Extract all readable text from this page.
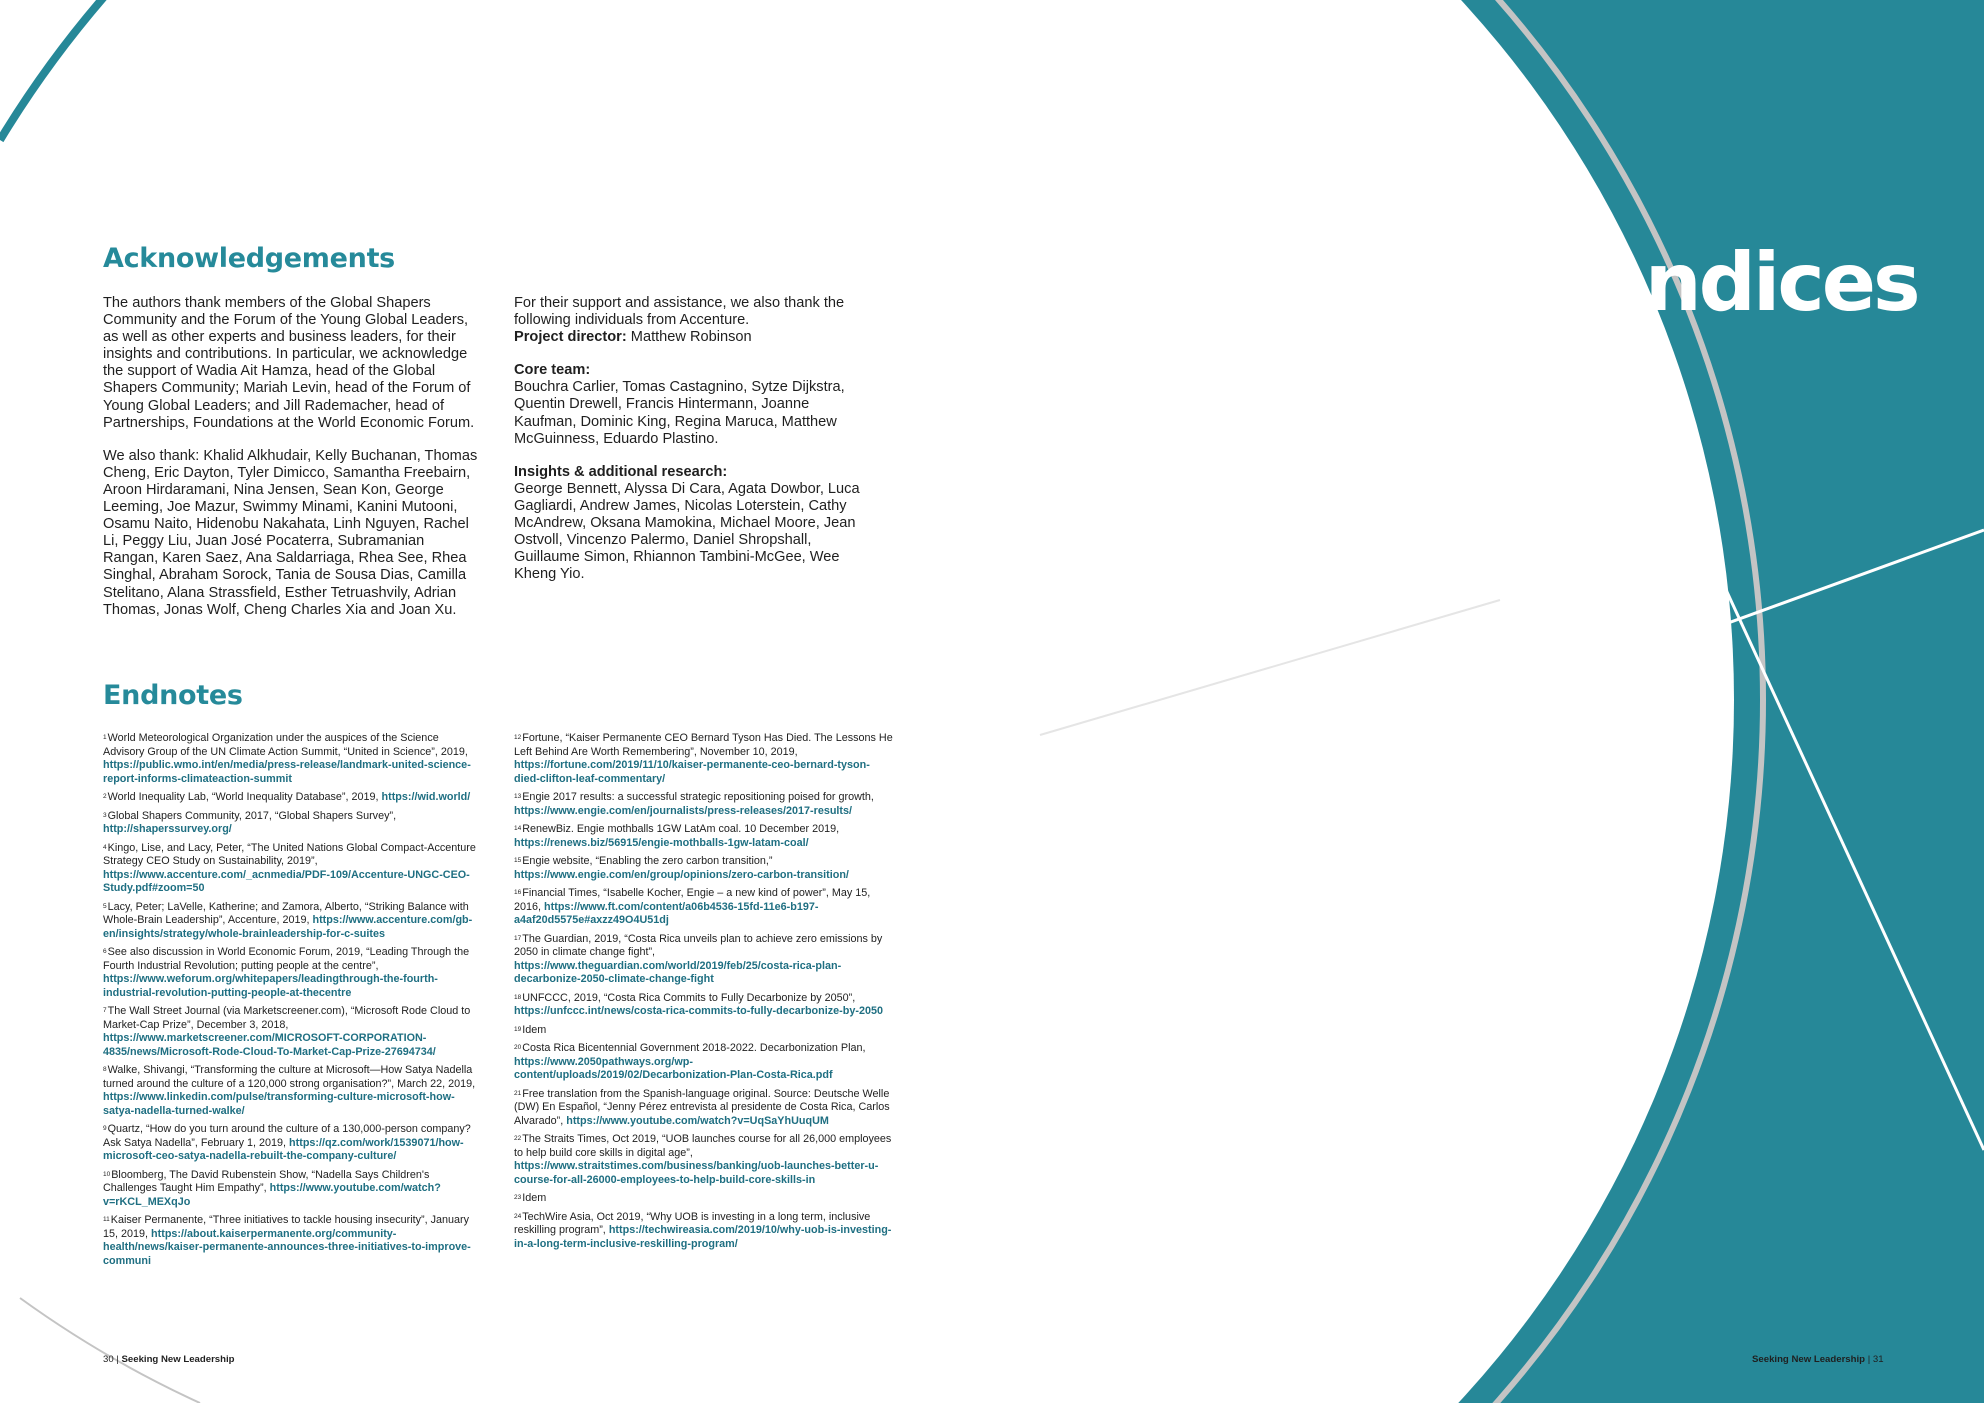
Acknowledgements

The authors thank members of the Global Shapers Community and the Forum of the Young Global Leaders, as well as other experts and business leaders, for their insights and contributions. In particular, we acknowledge the support of Wadia Ait Hamza, head of the Global Shapers Community; Mariah Levin, head of the Forum of Young Global Leaders; and Jill Rademacher, head of Partnerships, Foundations at the World Economic Forum.

We also thank: Khalid Alkhudair, Kelly Buchanan, Thomas Cheng, Eric Dayton, Tyler Dimicco, Samantha Freebairn, Aroon Hirdaramani, Nina Jensen, Sean Kon, George Leeming, Joe Mazur, Swimmy Minami, Kanini Mutooni, Osamu Naito, Hidenobu Nakahata, Linh Nguyen, Rachel Li, Peggy Liu, Juan José Pocaterra, Subramanian Rangan, Karen Saez, Ana Saldarriaga, Rhea See, Rhea Singhal, Abraham Sorock, Tania de Sousa Dias, Camilla Stelitano, Alana Strassfield, Esther Tetruashvily, Adrian Thomas, Jonas Wolf, Cheng Charles Xia and Joan Xu.

For their support and assistance, we also thank the following individuals from Accenture.

Project director: Matthew Robinson

Core team:

Bouchra Carlier, Tomas Castagnino, Sytze Dijkstra, Quentin Drewell, Francis Hintermann, Joanne Kaufman, Dominic King, Regina Maruca, Matthew McGuinness, Eduardo Plastino.

Insights & additional research:

George Bennett, Alyssa Di Cara, Agata Dowbor, Luca Gagliardi, Andrew James, Nicolas Loterstein, Cathy McAndrew, Oksana Mamokina, Michael Moore, Jean Ostvoll, Vincenzo Palermo, Daniel Shropshall, Guillaume Simon, Rhiannon Tambini-McGee, Wee Kheng Yio.

Endnotes

$^1$World Meteorological Organization under the auspices of the Science Advisory Group of the UN Climate Action Summit, “United in Science”, 2019, https://public.wmo.int/en/media/press-release/landmark-united-science-report-informs-climateaction-summit

$^2$World Inequality Lab, “World Inequality Database”, 2019, https://wid.world/

$^3$Global Shapers Community, 2017, “Global Shapers Survey”, http://shaperssurvey.org/

$^4$Kingo, Lise, and Lacy, Peter, “The United Nations Global Compact-Accenture Strategy CEO Study on Sustainability, 2019”, https://www.accenture.com/_acnmedia/PDF-109/Accenture-UNGC-CEO-Study.pdf#zoom=50

$^5$Lacy, Peter; LaVelle, Katherine; and Zamora, Alberto, “Striking Balance with Whole-Brain Leadership”, Accenture, 2019, https://www.accenture.com/gb-en/insights/strategy/whole-brainleadership-for-c-suites

$^6$See also discussion in World Economic Forum, 2019, “Leading Through the Fourth Industrial Revolution; putting people at the centre”, https://www.weforum.org/whitepapers/leadingthrough-the-fourth-industrial-revolution-putting-people-at-thecentre

$^7$The Wall Street Journal (via Marketscreener.com), “Microsoft Rode Cloud to Market-Cap Prize”, December 3, 2018, https://www.marketscreener.com/MICROSOFT-CORPORATION-4835/news/Microsoft-Rode-Cloud-To-Market-Cap-Prize-27694734/

$^8$Walke, Shivangi, “Transforming the culture at Microsoft—How Satya Nadella turned around the culture of a 120,000 strong organisation?”, March 22, 2019, https://www.linkedin.com/pulse/transforming-culture-microsoft-how-satya-nadella-turned-walke/

$^9$Quartz, “How do you turn around the culture of a 130,000-person company? Ask Satya Nadella”, February 1, 2019, https://qz.com/work/1539071/how-microsoft-ceo-satya-nadella-rebuilt-the-company-culture/

$^{10}$Bloomberg, The David Rubenstein Show, “Nadella Says Children's Challenges Taught Him Empathy”, https://www.youtube.com/watch?v=rKCL_MEXqJo

$^{11}$Kaiser Permanente, “Three initiatives to tackle housing insecurity”, January 15, 2019, https://about.kaiserpermanente.org/community-health/news/kaiser-permanente-announces-three-initiatives-to-improve-communi

$^{12}$Fortune, “Kaiser Permanente CEO Bernard Tyson Has Died. The Lessons He Left Behind Are Worth Remembering”, November 10, 2019, https://fortune.com/2019/11/10/kaiser-permanente-ceo-bernard-tyson-died-clifton-leaf-commentary/

$^{13}$Engie 2017 results: a successful strategic repositioning poised for growth, https://www.engie.com/en/journalists/press-releases/2017-results/

$^{14}$RenewBiz. Engie mothballs 1GW LatAm coal. 10 December 2019, https://renews.biz/56915/engie-mothballs-1gw-latam-coal/

$^{15}$Engie website, “Enabling the zero carbon transition,” https://www.engie.com/en/group/opinions/zero-carbon-transition/

$^{16}$Financial Times, “Isabelle Kocher, Engie – a new kind of power”, May 15, 2016, https://www.ft.com/content/a06b4536-15fd-11e6-b197-a4af20d5575e#axzz49O4U51dj

$^{17}$The Guardian, 2019, “Costa Rica unveils plan to achieve zero emissions by 2050 in climate change fight”, https://www.theguardian.com/world/2019/feb/25/costa-rica-plan-decarbonize-2050-climate-change-fight

$^{18}$UNFCCC, 2019, “Costa Rica Commits to Fully Decarbonize by 2050”, https://unfccc.int/news/costa-rica-commits-to-fully-decarbonize-by-2050

$^{19}$Idem

$^{20}$Costa Rica Bicentennial Government 2018-2022. Decarbonization Plan, https://www.2050pathways.org/wp-content/uploads/2019/02/Decarbonization-Plan-Costa-Rica.pdf

$^{21}$Free translation from the Spanish-language original. Source: Deutsche Welle (DW) En Español, “Jenny Pérez entrevista al presidente de Costa Rica, Carlos Alvarado”, https://www.youtube.com/watch?v=UqSaYhUuqUM

$^{22}$The Straits Times, Oct 2019, “UOB launches course for all 26,000 employees to help build core skills in digital age”, https://www.straitstimes.com/business/banking/uob-launches-better-u-course-for-all-26000-employees-to-help-build-core-skills-in

$^{23}$Idem

$^{24}$TechWire Asia, Oct 2019, “Why UOB is investing in a long term, inclusive reskilling program”, https://techwireasia.com/2019/10/why-uob-is-investing-in-a-long-term-inclusive-reskilling-program/

Appendices
30 | Seeking New Leadership	Seeking New Leadership | 31
